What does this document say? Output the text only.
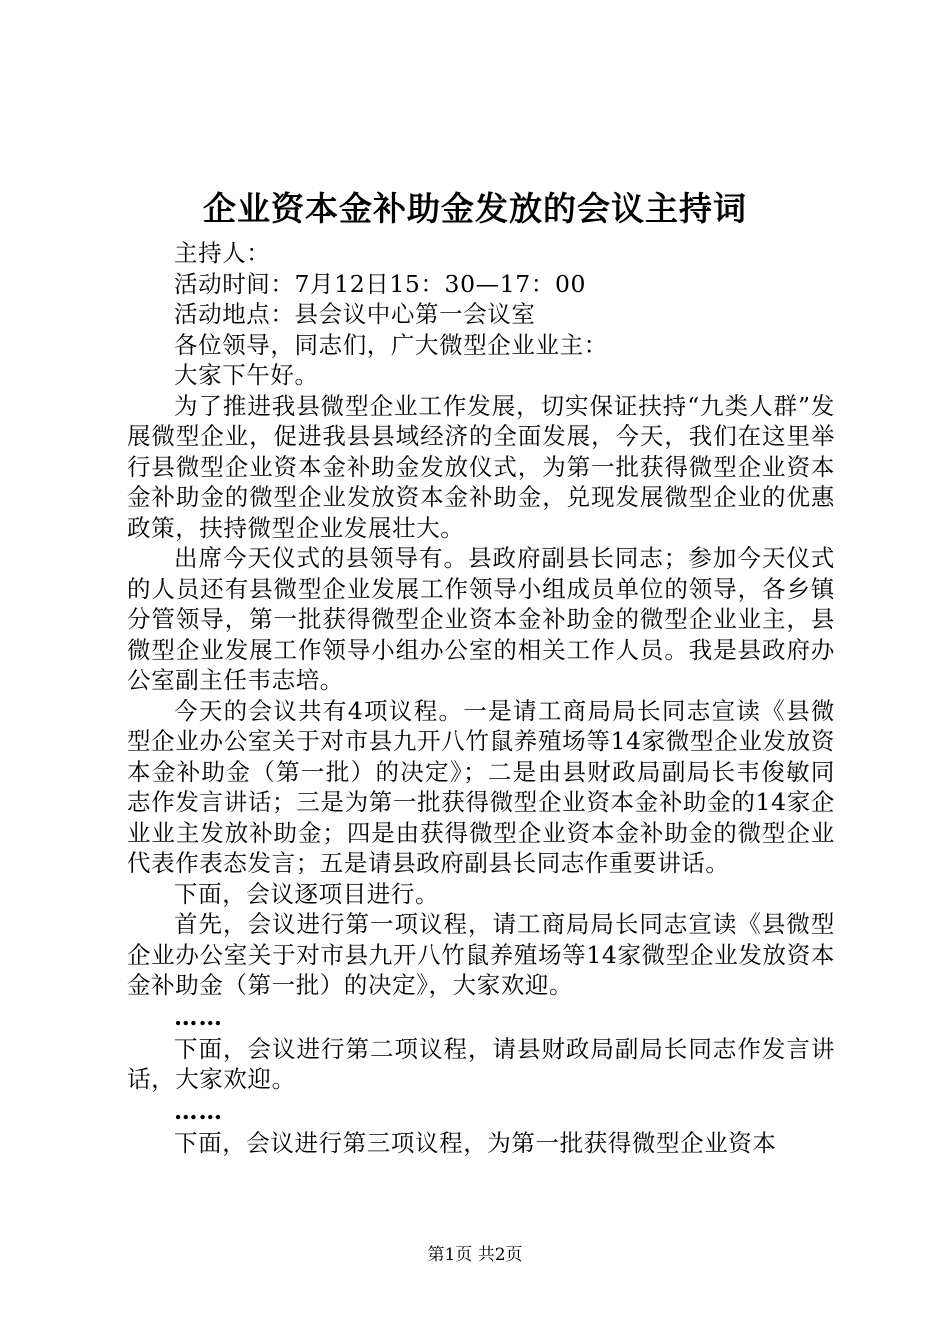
企业资本金补助金发放的会议主持词

主持人：

活动时间：7月12日15：30—17：00

活动地点：县会议中心第一会议室

各位领导，同志们，广大微型企业业主：

大家下午好。

为了推进我县微型企业工作发展，切实保证扶持“九类人群”发展微型企业，促进我县县域经济的全面发展，今天，我们在这里举行县微型企业资本金补助金发放仪式，为第一批获得微型企业资本金补助金的微型企业发放资本金补助金，兑现发展微型企业的优惠政策，扶持微型企业发展壮大。

出席今天仪式的县领导有。县政府副县长同志；参加今天仪式的人员还有县微型企业发展工作领导小组成员单位的领导，各乡镇分管领导，第一批获得微型企业资本金补助金的微型企业业主，县微型企业发展工作领导小组办公室的相关工作人员。我是县政府办公室副主任韦志培。

今天的会议共有4项议程。一是请工商局局长同志宣读《县微型企业办公室关于对市县九开八竹鼠养殖场等14家微型企业发放资本金补助金（第一批）的决定》；二是由县财政局副局长韦俊敏同志作发言讲话；三是为第一批获得微型企业资本金补助金的14家企业业主发放补助金；四是由获得微型企业资本金补助金的微型企业代表作表态发言；五是请县政府副县长同志作重要讲话。

下面，会议逐项目进行。

首先，会议进行第一项议程，请工商局局长同志宣读《县微型企业办公室关于对市县九开八竹鼠养殖场等14家微型企业发放资本金补助金（第一批）的决定》，大家欢迎。

……

下面，会议进行第二项议程，请县财政局副局长同志作发言讲话，大家欢迎。

……

下面，会议进行第三项议程，为第一批获得微型企业资本

第1页 共2页
